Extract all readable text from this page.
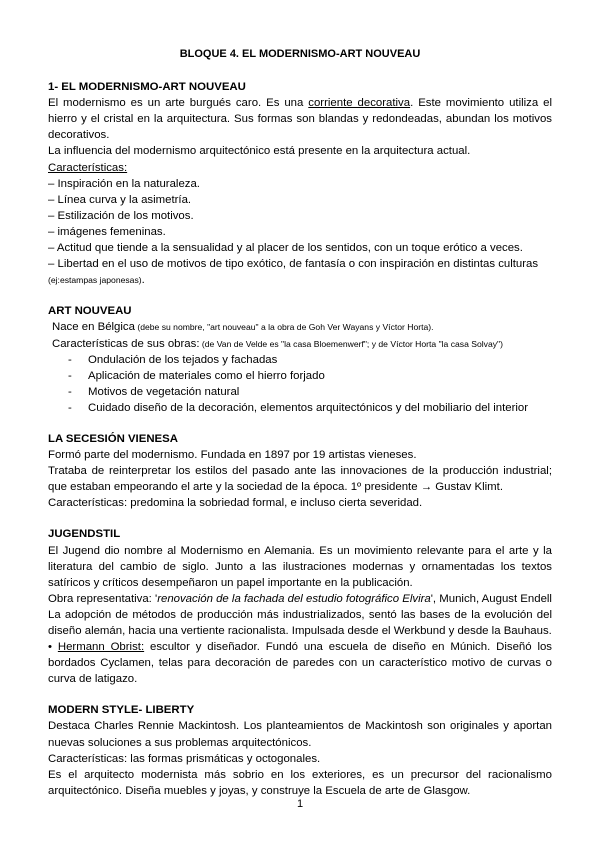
BLOQUE 4. EL MODERNISMO-ART NOUVEAU

1- EL MODERNISMO-ART NOUVEAU

El modernismo es un arte burgués caro. Es una corriente decorativa. Este movimiento utiliza el hierro y el cristal en la arquitectura. Sus formas son blandas y redondeadas, abundan los motivos decorativos.

La influencia del modernismo arquitectónico está presente en la arquitectura actual.

Características:

– Inspiración en la naturaleza.

– Línea curva y la asimetría.

– Estilización de los motivos.

– imágenes femeninas.

– Actitud que tiende a la sensualidad y al placer de los sentidos, con un toque erótico a veces.

– Libertad en el uso de motivos de tipo exótico, de fantasía o con inspiración en distintas culturas

(ej:estampas japonesas).

ART NOUVEAU

Nace en Bélgica (debe su nombre, "art nouveau" a la obra de Goh Ver Wayans y Víctor Horta).

Características de sus obras: (de Van de Velde es "la casa Bloemenwerf"; y de Víctor Horta "la casa Solvay")

- Ondulación de los tejados y fachadas
- Aplicación de materiales como el hierro forjado
- Motivos de vegetación natural
- Cuidado diseño de la decoración, elementos arquitectónicos y del mobiliario del interior

LA SECESIÓN VIENESA

Formó parte del modernismo. Fundada en 1897 por 19 artistas vieneses.

Trataba de reinterpretar los estilos del pasado ante las innovaciones de la producción industrial; que estaban empeorando el arte y la sociedad de la época. 1º presidente → Gustav Klimt.

Características: predomina la sobriedad formal, e incluso cierta severidad.

JUGENDSTIL

El Jugend dio nombre al Modernismo en Alemania. Es un movimiento relevante para el arte y la literatura del cambio de siglo. Junto a las ilustraciones modernas y ornamentadas los textos satíricos y críticos desempeñaron un papel importante en la publicación.

Obra representativa: 'renovación de la fachada del estudio fotográfico Elvira', Munich, August Endell

La adopción de métodos de producción más industrializados, sentó las bases de la evolución del diseño alemán, hacia una vertiente racionalista. Impulsada desde el Werkbund y desde la Bauhaus.

• Hermann Obrist: escultor y diseñador. Fundó una escuela de diseño en Múnich. Diseñó los bordados Cyclamen, telas para decoración de paredes con un característico motivo de curvas o curva de latigazo.

MODERN STYLE- LIBERTY

Destaca Charles Rennie Mackintosh. Los planteamientos de Mackintosh son originales y aportan nuevas soluciones a sus problemas arquitectónicos.

Características: las formas prismáticas y octogonales.

Es el arquitecto modernista más sobrio en los exteriores, es un precursor del racionalismo arquitectónico. Diseña muebles y joyas, y construye la Escuela de arte de Glasgow.

1
